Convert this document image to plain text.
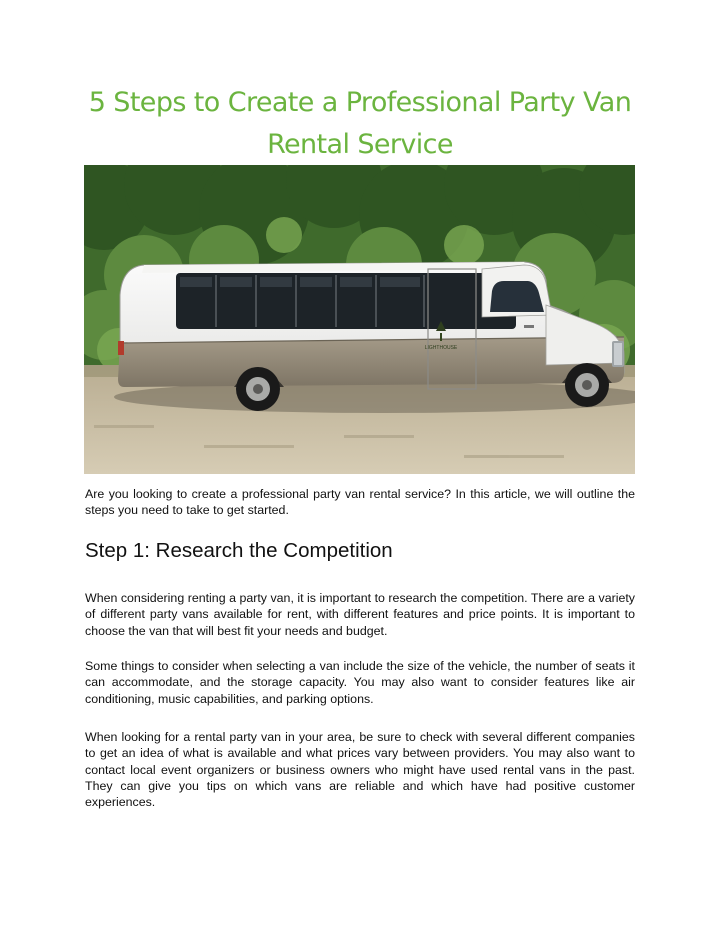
5 Steps to Create a Professional Party Van
Rental Service
LIGHTHOUSE

Are you looking to create a professional party van rental service? In this article, we will outline the steps you need to take to get started.

Step 1: Research the Competition

When considering renting a party van, it is important to research the competition. There are a variety of different party vans available for rent, with different features and price points. It is important to choose the van that will best fit your needs and budget.

Some things to consider when selecting a van include the size of the vehicle, the number of seats it can accommodate, and the storage capacity. You may also want to consider features like air conditioning, music capabilities, and parking options.

When looking for a rental party van in your area, be sure to check with several different companies to get an idea of what is available and what prices vary between providers. You may also want to contact local event organizers or business owners who might have used rental vans in the past. They can give you tips on which vans are reliable and which have had positive customer experiences.
